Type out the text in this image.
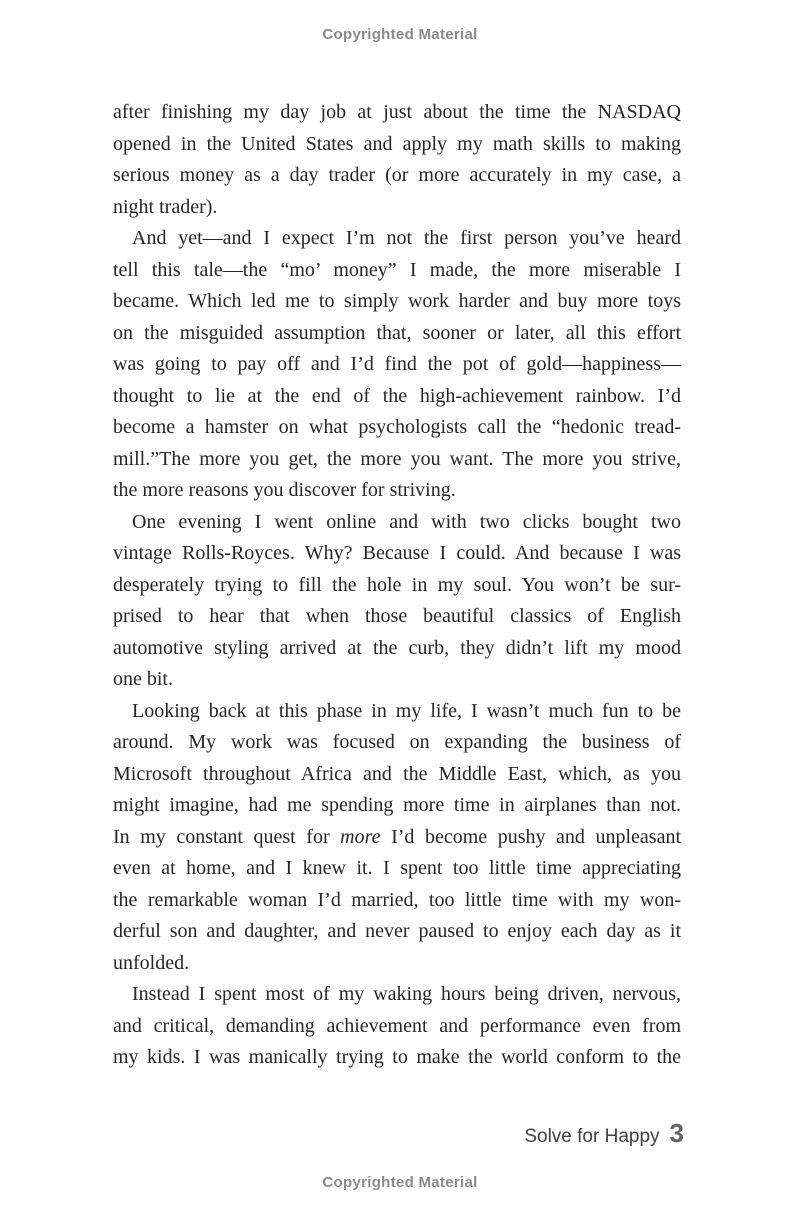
Copyrighted Material
after finishing my day job at just about the time the NASDAQ
opened in the United States and apply my math skills to making
serious money as a day trader (or more accurately in my case, a
night trader).
And yet—and I expect I’m not the first person you’ve heard
tell this tale—the “mo’ money” I made, the more miserable I
became. Which led me to simply work harder and buy more toys
on the misguided assumption that, sooner or later, all this effort
was going to pay off and I’d find the pot of gold—happiness—
thought to lie at the end of the high-achievement rainbow. I’d
become a hamster on what psychologists call the “hedonic tread-
mill.”The more you get, the more you want. The more you strive,
the more reasons you discover for striving.
One evening I went online and with two clicks bought two
vintage Rolls-Royces. Why? Because I could. And because I was
desperately trying to fill the hole in my soul. You won’t be sur-
prised to hear that when those beautiful classics of English
automotive styling arrived at the curb, they didn’t lift my mood
one bit.
Looking back at this phase in my life, I wasn’t much fun to be
around. My work was focused on expanding the business of
Microsoft throughout Africa and the Middle East, which, as you
might imagine, had me spending more time in airplanes than not.
In my constant quest for more I’d become pushy and unpleasant
even at home, and I knew it. I spent too little time appreciating
the remarkable woman I’d married, too little time with my won-
derful son and daughter, and never paused to enjoy each day as it
unfolded.
Instead I spent most of my waking hours being driven, nervous,
and critical, demanding achievement and performance even from
my kids. I was manically trying to make the world conform to the
Solve for Happy 3
Copyrighted Material
